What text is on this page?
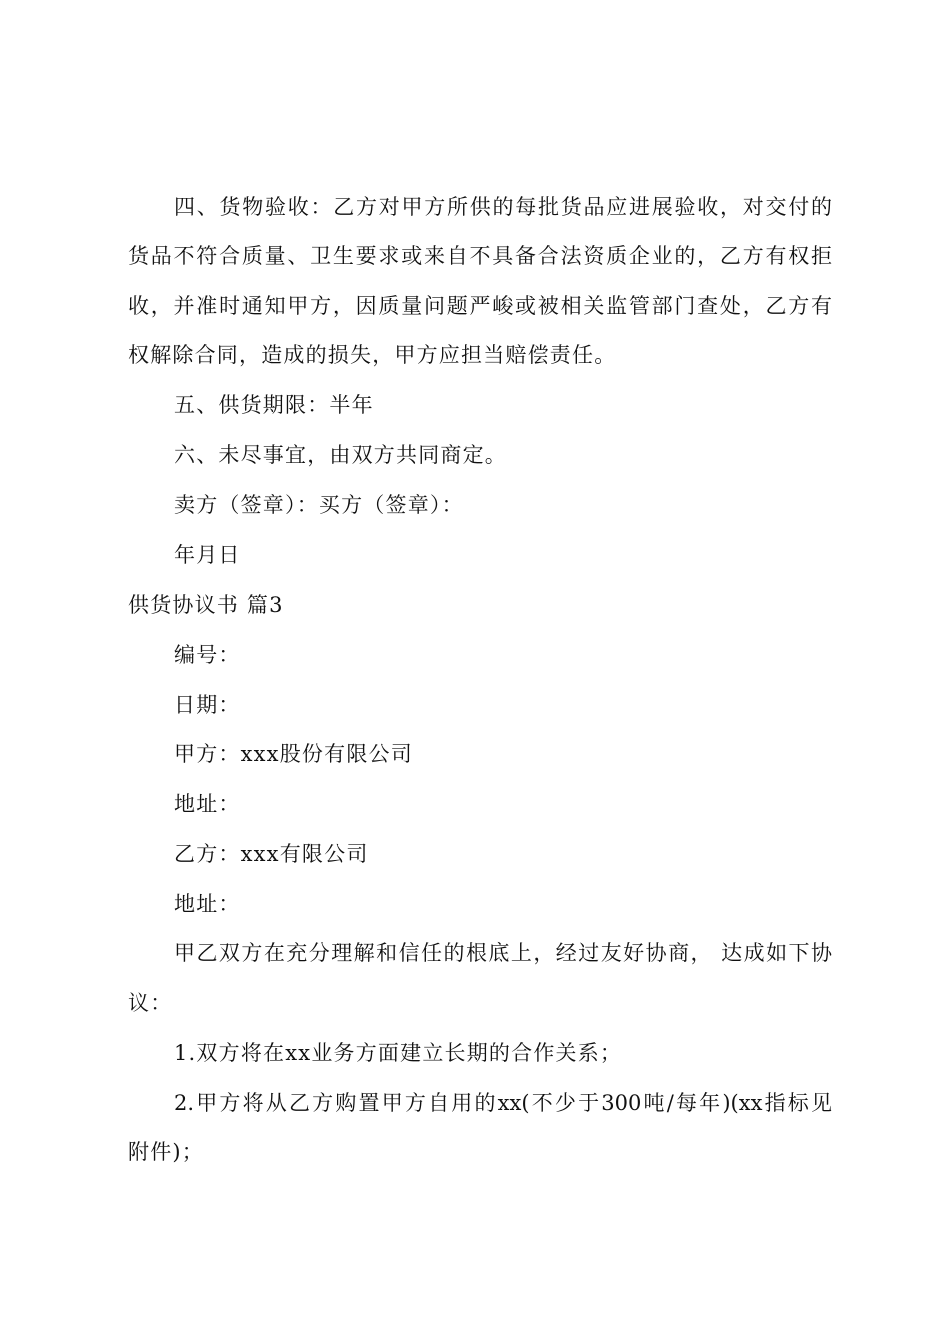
四、货物验收：乙方对甲方所供的每批货品应进展验收，对交付的
货品不符合质量、卫生要求或来自不具备合法资质企业的，乙方有权拒
收，并准时通知甲方，因质量问题严峻或被相关监管部门查处，乙方有
权解除合同，造成的损失，甲方应担当赔偿责任。
五、供货期限：半年
六、未尽事宜，由双方共同商定。
卖方（签章）：买方（签章）：
年月日
供货协议书 篇3
编号：
日期：
甲方：xxx股份有限公司
地址：
乙方：xxx有限公司
地址：
甲乙双方在充分理解和信任的根底上，经过友好协商， 达成如下协
议：
1.双方将在xx业务方面建立长期的合作关系；
2.甲方将从乙方购置甲方自用的xx(不少于300吨/每年)(xx指标见
附件)；
